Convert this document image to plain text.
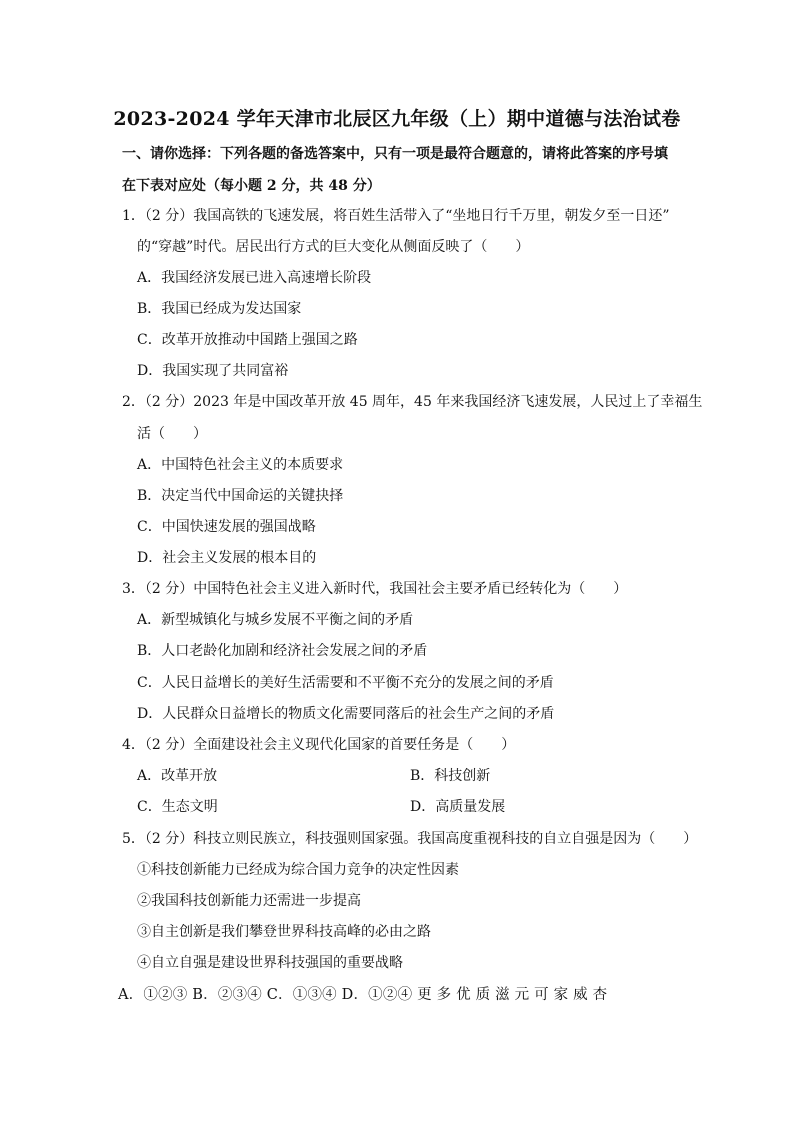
2023-2024 学年天津市北辰区九年级（上）期中道德与法治试卷
一、请你选择：下列各题的备选答案中，只有一项是最符合题意的，请将此答案的序号填
在下表对应处（每小题 2 分，共 48 分）
1．（2 分）我国高铁的飞速发展，将百姓生活带入了“坐地日行千万里，朝发夕至一日还”
的“穿越”时代。居民出行方式的巨大变化从侧面反映了（　　）
A．我国经济发展已进入高速增长阶段
B．我国已经成为发达国家
C．改革开放推动中国踏上强国之路
D．我国实现了共同富裕
2．（2 分）2023 年是中国改革开放 45 周年，45 年来我国经济飞速发展，人民过上了幸福生
活（　　）
A．中国特色社会主义的本质要求
B．决定当代中国命运的关键抉择
C．中国快速发展的强国战略
D．社会主义发展的根本目的
3．（2 分）中国特色社会主义进入新时代，我国社会主要矛盾已经转化为（　　）
A．新型城镇化与城乡发展不平衡之间的矛盾
B．人口老龄化加剧和经济社会发展之间的矛盾
C．人民日益增长的美好生活需要和不平衡不充分的发展之间的矛盾
D．人民群众日益增长的物质文化需要同落后的社会生产之间的矛盾
4．（2 分）全面建设社会主义现代化国家的首要任务是（　　）
A．改革开放	B．科技创新
C．生态文明	D．高质量发展
5．（2 分）科技立则民族立，科技强则国家强。我国高度重视科技的自立自强是因为（　　）
①科技创新能力已经成为综合国力竞争的决定性因素
②我国科技创新能力还需进一步提高
③自主创新是我们攀登世界科技高峰的必由之路
④自立自强是建设世界科技强国的重要战略
A．①②③ B．②③④ C．①③④ D．①②④ 更 多 优 质 滋 元 可 家 威 杏
